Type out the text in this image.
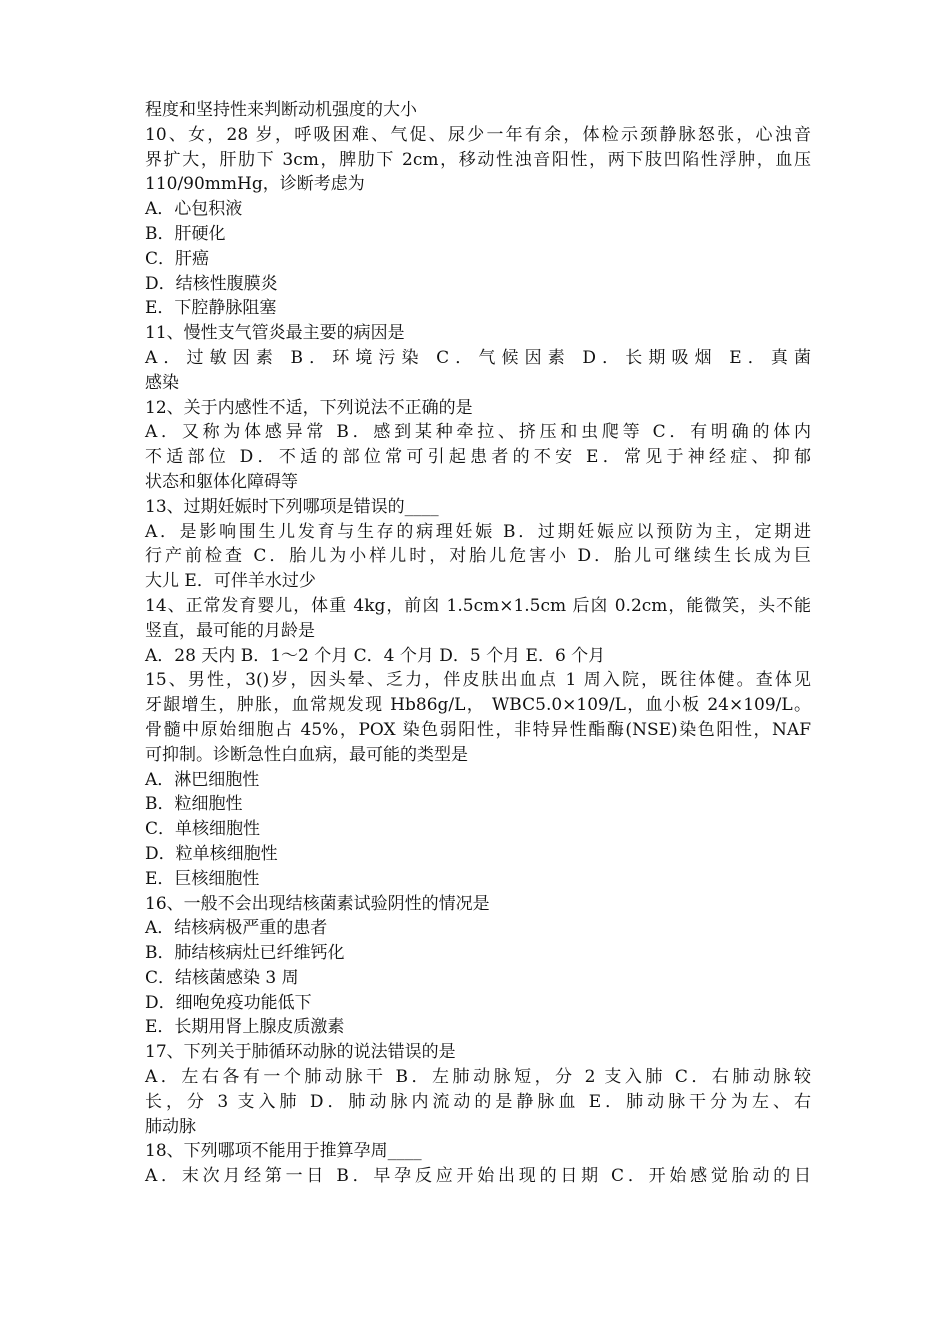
程度和坚持性来判断动机强度的大小
10、女，28 岁，呼吸困难、气促、尿少一年有余，体检示颈静脉怒张，心浊音
界扩大，肝肋下 3cm，脾肋下 2cm，移动性浊音阳性，两下肢凹陷性浮肿，血压
110/90mmHg，诊断考虑为
A．心包积液
B．肝硬化
C．肝癌
D．结核性腹膜炎
E．下腔静脉阻塞
11、慢性支气管炎最主要的病因是
A．过敏因素 B．环境污染 C．气候因素 D．长期吸烟 E．真菌
感染
12、关于内感性不适，下列说法不正确的是
A．又称为体感异常 B．感到某种牵拉、挤压和虫爬等 C．有明确的体内
不适部位 D．不适的部位常可引起患者的不安 E．常见于神经症、抑郁
状态和躯体化障碍等
13、过期妊娠时下列哪项是错误的____
A．是影响围生儿发育与生存的病理妊娠 B．过期妊娠应以预防为主，定期进
行产前检查 C．胎儿为小样儿时，对胎儿危害小 D．胎儿可继续生长成为巨
大儿 E．可伴羊水过少
14、正常发育婴儿，体重 4kg，前囟 1.5cm×1.5cm 后囟 0.2cm，能微笑，头不能
竖直，最可能的月龄是
A．28 天内 B．1～2 个月 C．4 个月 D．5 个月 E．6 个月
15、男性，3()岁，因头晕、乏力，伴皮肤出血点 1 周入院，既往体健。查体见
牙龈增生，肿胀，血常规发现 Hb86g/L， WBC5.0×109/L，血小板 24×109/L。
骨髓中原始细胞占 45%，POX 染色弱阳性，非特异性酯酶(NSE)染色阳性，NAF
可抑制。诊断急性白血病，最可能的类型是
A．淋巴细胞性
B．粒细胞性
C．单核细胞性
D．粒单核细胞性
E．巨核细胞性
16、一般不会出现结核菌素试验阴性的情况是
A．结核病极严重的患者
B．肺结核病灶已纤维钙化
C．结核菌感染 3 周
D．细咆免疫功能低下
E．长期用肾上腺皮质激素
17、下列关于肺循环动脉的说法错误的是
A．左右各有一个肺动脉干 B．左肺动脉短，分 2 支入肺 C．右肺动脉较
长，分 3 支入肺 D．肺动脉内流动的是静脉血 E．肺动脉干分为左、右
肺动脉
18、下列哪项不能用于推算孕周____
A．末次月经第一日 B．早孕反应开始出现的日期 C．开始感觉胎动的日
